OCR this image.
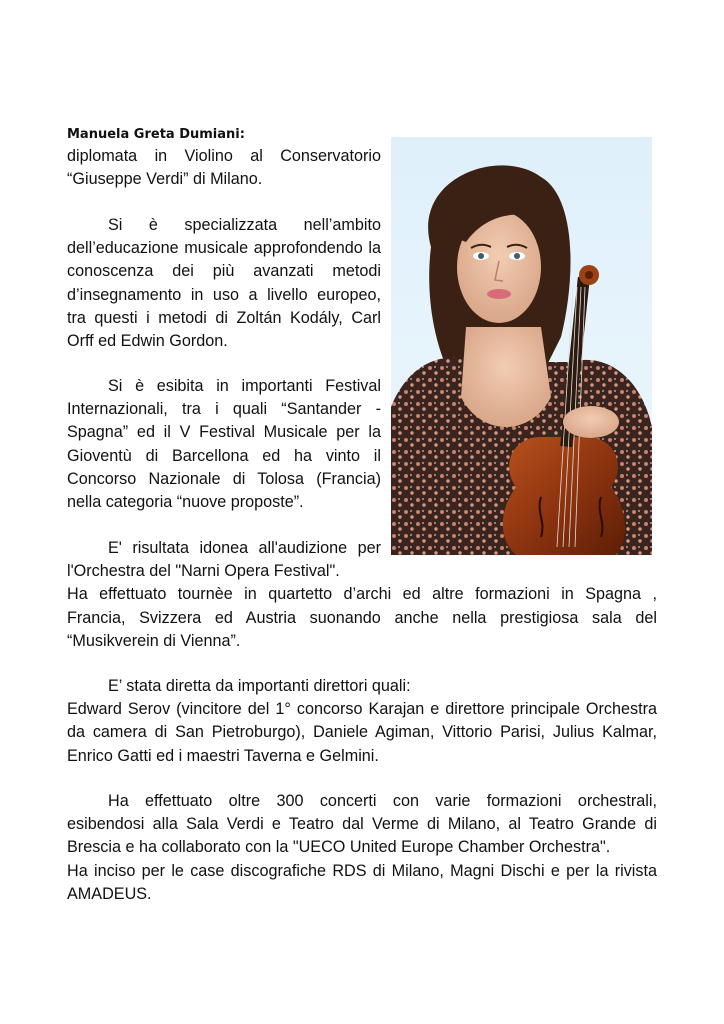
Manuela Greta Dumiani:
diplomata in Violino al Conservatorio
“Giuseppe Verdi” di Milano.
Si è specializzata nell’ambito
dell’educazione musicale approfondendo la
conoscenza dei più avanzati metodi
d’insegnamento in uso a livello europeo,
tra questi i metodi di Zoltán Kodály, Carl
Orff ed Edwin Gordon.
Si è esibita in importanti Festival
Internazionali, tra i quali “Santander -
Spagna” ed il V Festival Musicale per la
Gioventù di Barcellona ed ha vinto il
Concorso Nazionale di Tolosa (Francia)
nella categoria “nuove proposte”.
E' risultata idonea all'audizione per
l'Orchestra del "Narni Opera Festival".
Ha effettuato tournèe in quartetto d’archi ed altre formazioni in Spagna ,
Francia, Svizzera ed Austria suonando anche nella prestigiosa sala del
“Musikverein di Vienna”.
E’ stata diretta da importanti direttori quali:
Edward Serov (vincitore del 1° concorso Karajan e direttore principale Orchestra
da camera di San Pietroburgo), Daniele Agiman, Vittorio Parisi, Julius Kalmar,
Enrico Gatti ed i maestri Taverna e Gelmini.
Ha effettuato oltre 300 concerti con varie formazioni orchestrali,
esibendosi alla Sala Verdi e Teatro dal Verme di Milano, al Teatro Grande di
Brescia e ha collaborato con la "UECO United Europe Chamber Orchestra".
Ha inciso per le case discografiche RDS di Milano, Magni Dischi e per la rivista
AMADEUS.
